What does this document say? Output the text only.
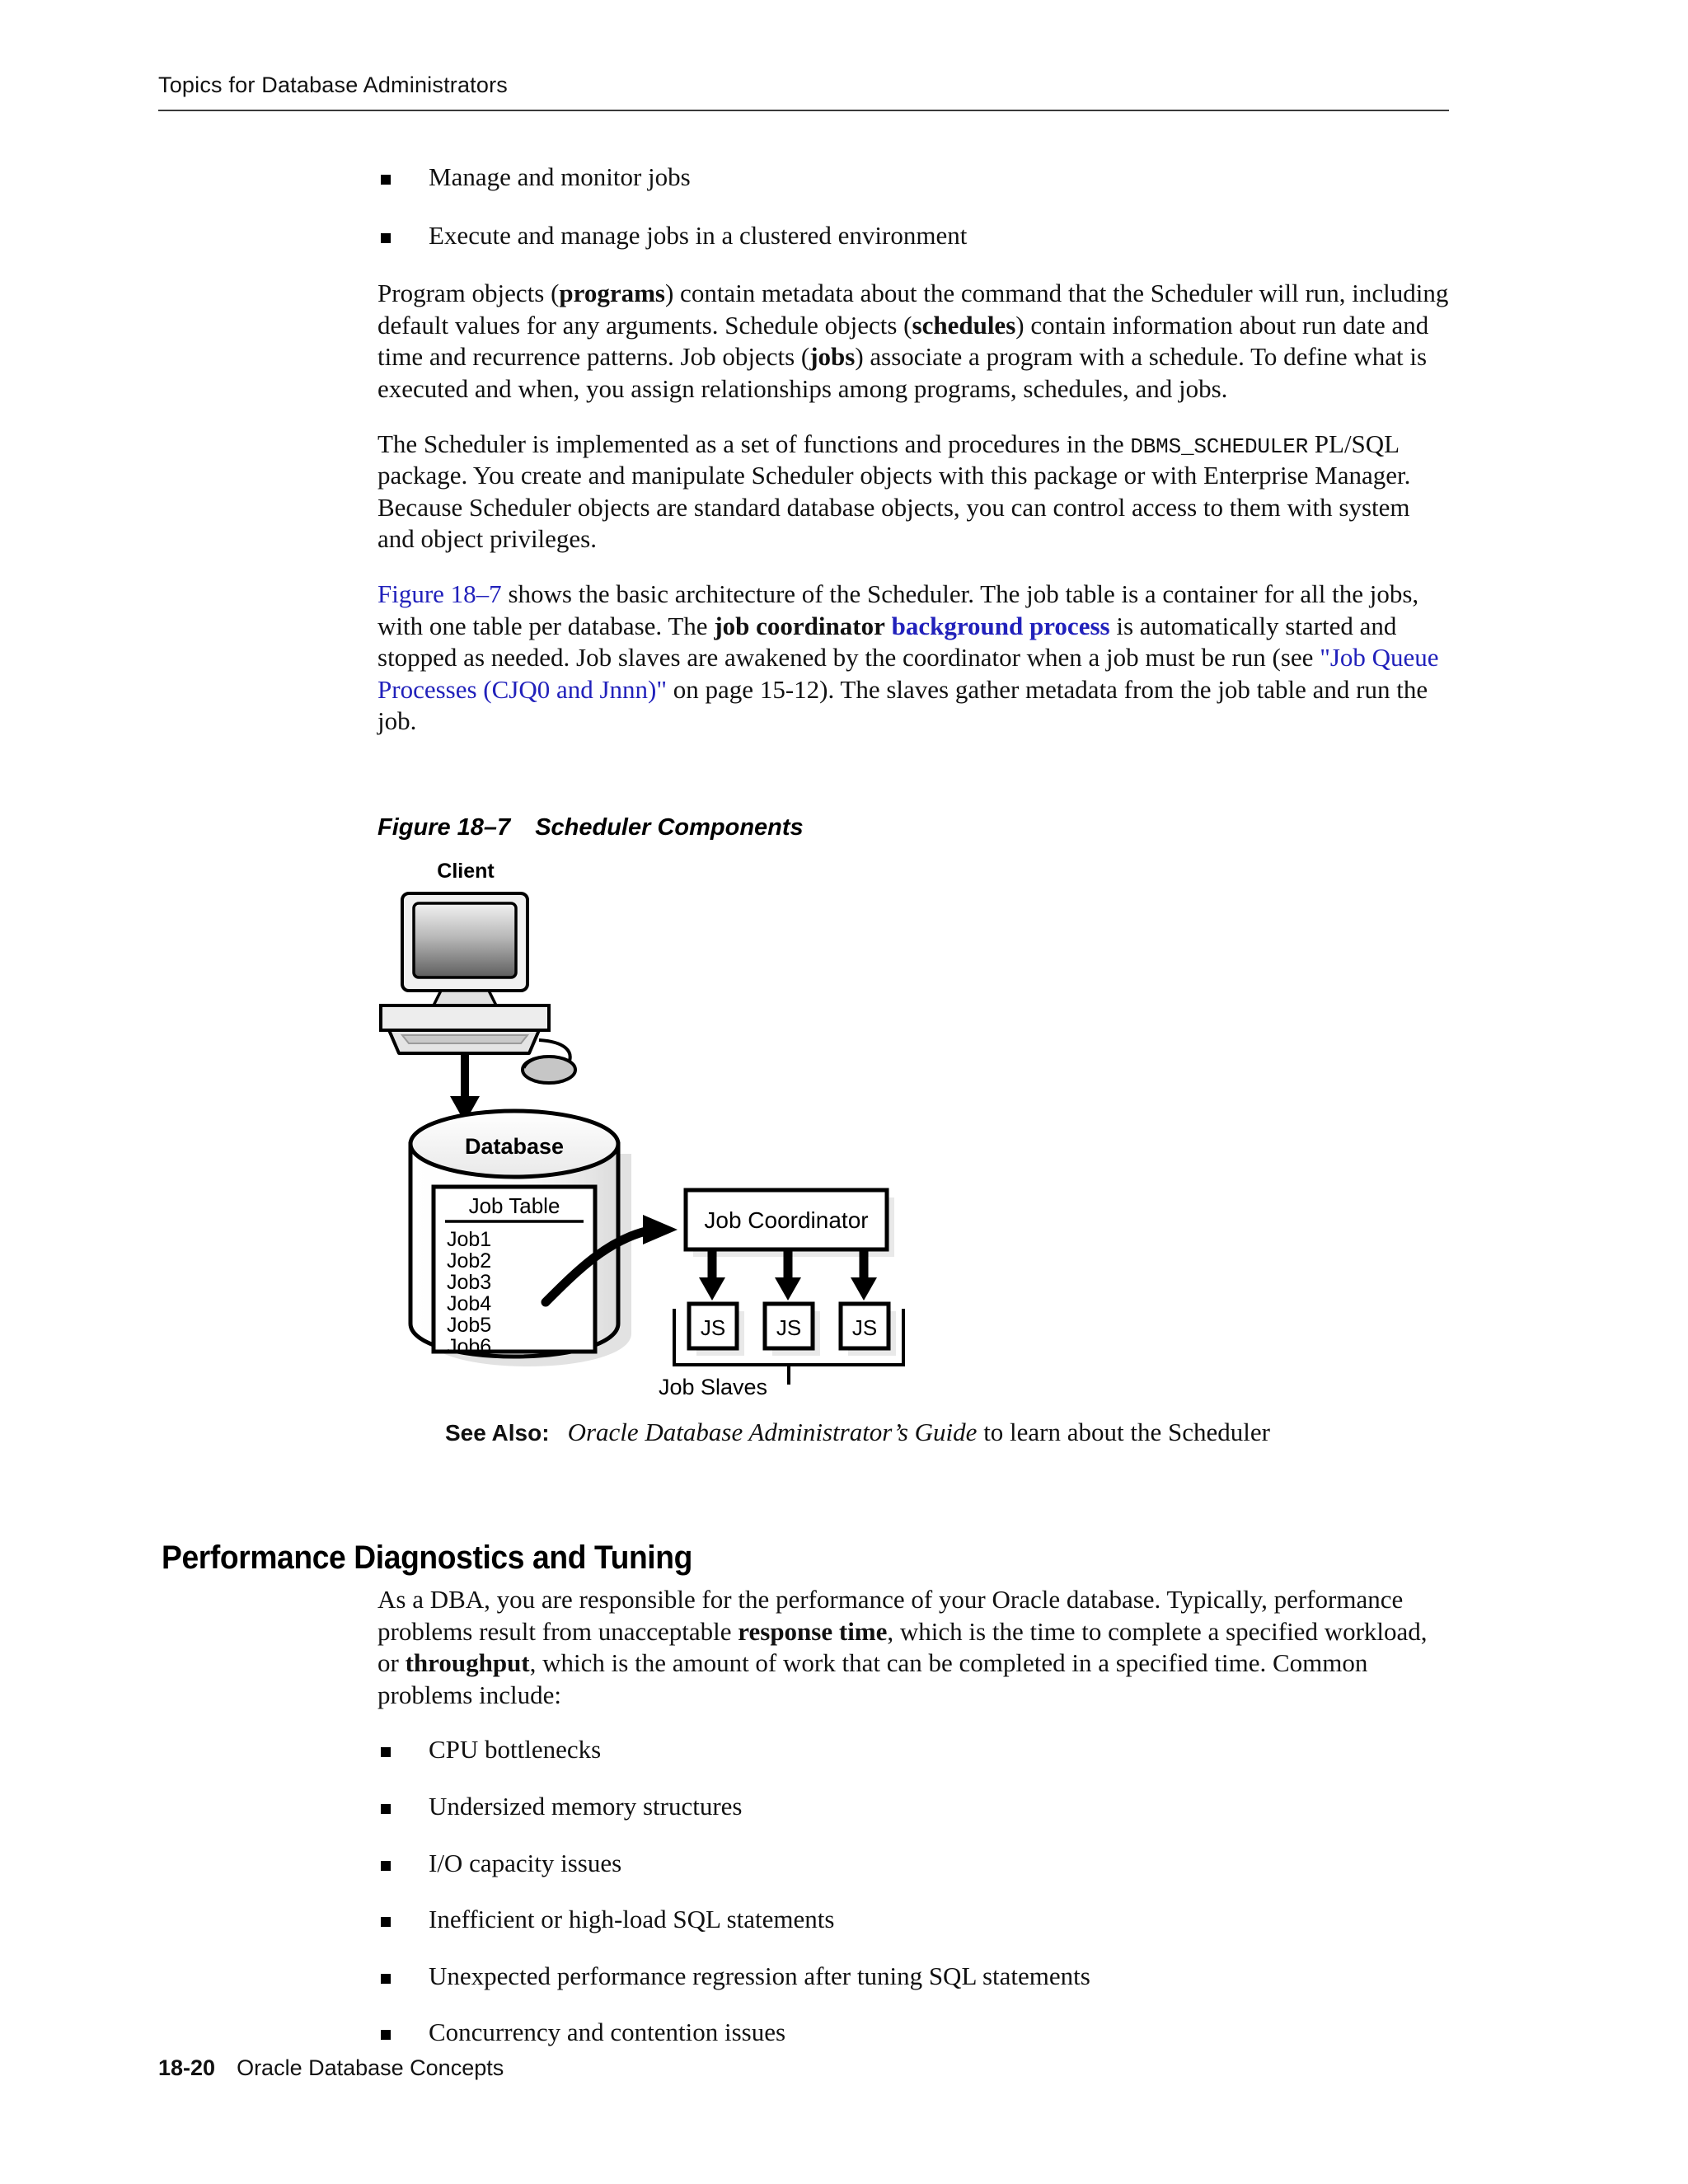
Topics for Database Administrators
Manage and monitor jobs
Execute and manage jobs in a clustered environment

Program objects (programs) contain metadata about the command that the Scheduler will run, including default values for any arguments. Schedule objects (schedules) contain information about run date and time and recurrence patterns. Job objects (jobs) associate a program with a schedule. To define what is executed and when, you assign relationships among programs, schedules, and jobs.

The Scheduler is implemented as a set of functions and procedures in the DBMS_SCHEDULER PL/SQL package. You create and manipulate Scheduler objects with this package or with Enterprise Manager. Because Scheduler objects are standard database objects, you can control access to them with system and object privileges.

Figure 18–7 shows the basic architecture of the Scheduler. The job table is a container for all the jobs, with one table per database. The job coordinator background process is automatically started and stopped as needed. Job slaves are awakened by the coordinator when a job must be run (see "Job Queue Processes (CJQ0 and Jnnn)" on page 15-12). The slaves gather metadata from the job table and run the job.

Figure 18–7 Scheduler Components
Client
Database
Job Table
Job1
Job2
Job3
Job4
Job5
Job6
Job Coordinator
JS JS JS
Job Slaves
See Also: Oracle Database Administrator’s Guide to learn about the Scheduler
Performance Diagnostics and Tuning

As a DBA, you are responsible for the performance of your Oracle database. Typically, performance problems result from unacceptable response time, which is the time to complete a specified workload, or throughput, which is the amount of work that can be completed in a specified time. Common problems include:

CPU bottlenecks
Undersized memory structures
I/O capacity issues
Inefficient or high-load SQL statements
Unexpected performance regression after tuning SQL statements
Concurrency and contention issues
18-20 Oracle Database Concepts
